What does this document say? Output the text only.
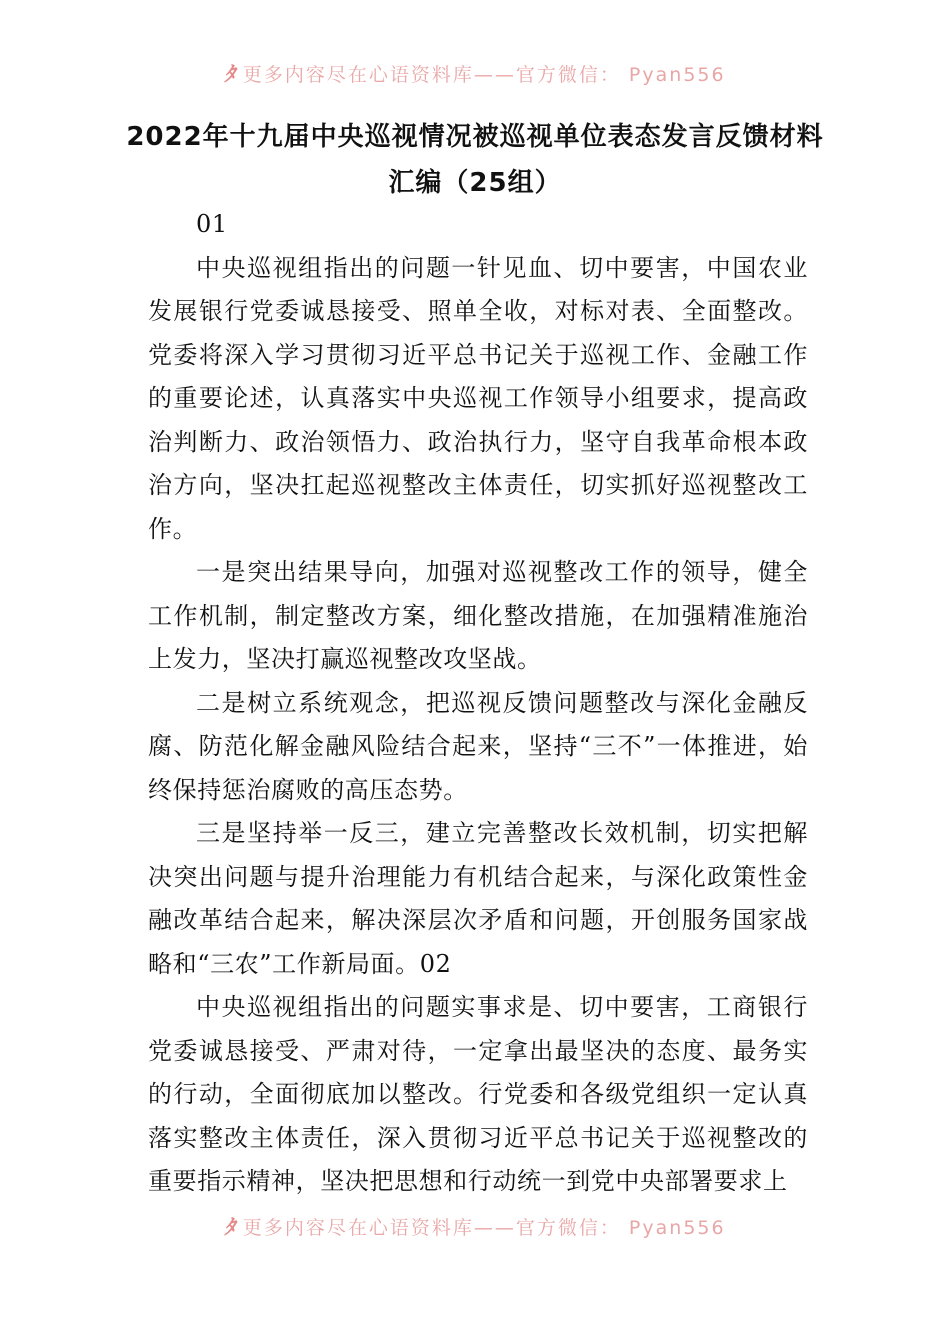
ﾀ 更多内容尽在心语资料库——官方微信： Pyan556
2022年十九届中央巡视情况被巡视单位表态发言反馈材料
汇编（25组）

01

中央巡视组指出的问题一针见血、切中要害，中国农业发展银行党委诚恳接受、照单全收，对标对表、全面整改。党委将深入学习贯彻习近平总书记关于巡视工作、金融工作的重要论述，认真落实中央巡视工作领导小组要求，提高政治判断力、政治领悟力、政治执行力，坚守自我革命根本政治方向，坚决扛起巡视整改主体责任，切实抓好巡视整改工作。

一是突出结果导向，加强对巡视整改工作的领导，健全工作机制，制定整改方案，细化整改措施，在加强精准施治上发力，坚决打赢巡视整改攻坚战。

二是树立系统观念，把巡视反馈问题整改与深化金融反腐、防范化解金融风险结合起来，坚持“三不”一体推进，始终保持惩治腐败的高压态势。

三是坚持举一反三，建立完善整改长效机制，切实把解决突出问题与提升治理能力有机结合起来，与深化政策性金融改革结合起来，解决深层次矛盾和问题，开创服务国家战略和“三农”工作新局面。02

中央巡视组指出的问题实事求是、切中要害，工商银行党委诚恳接受、严肃对待，一定拿出最坚决的态度、最务实的行动，全面彻底加以整改。行党委和各级党组织一定认真落实整改主体责任，深入贯彻习近平总书记关于巡视整改的重要指示精神，坚决把思想和行动统一到党中央部署要求上

ﾀ 更多内容尽在心语资料库——官方微信： Pyan556
